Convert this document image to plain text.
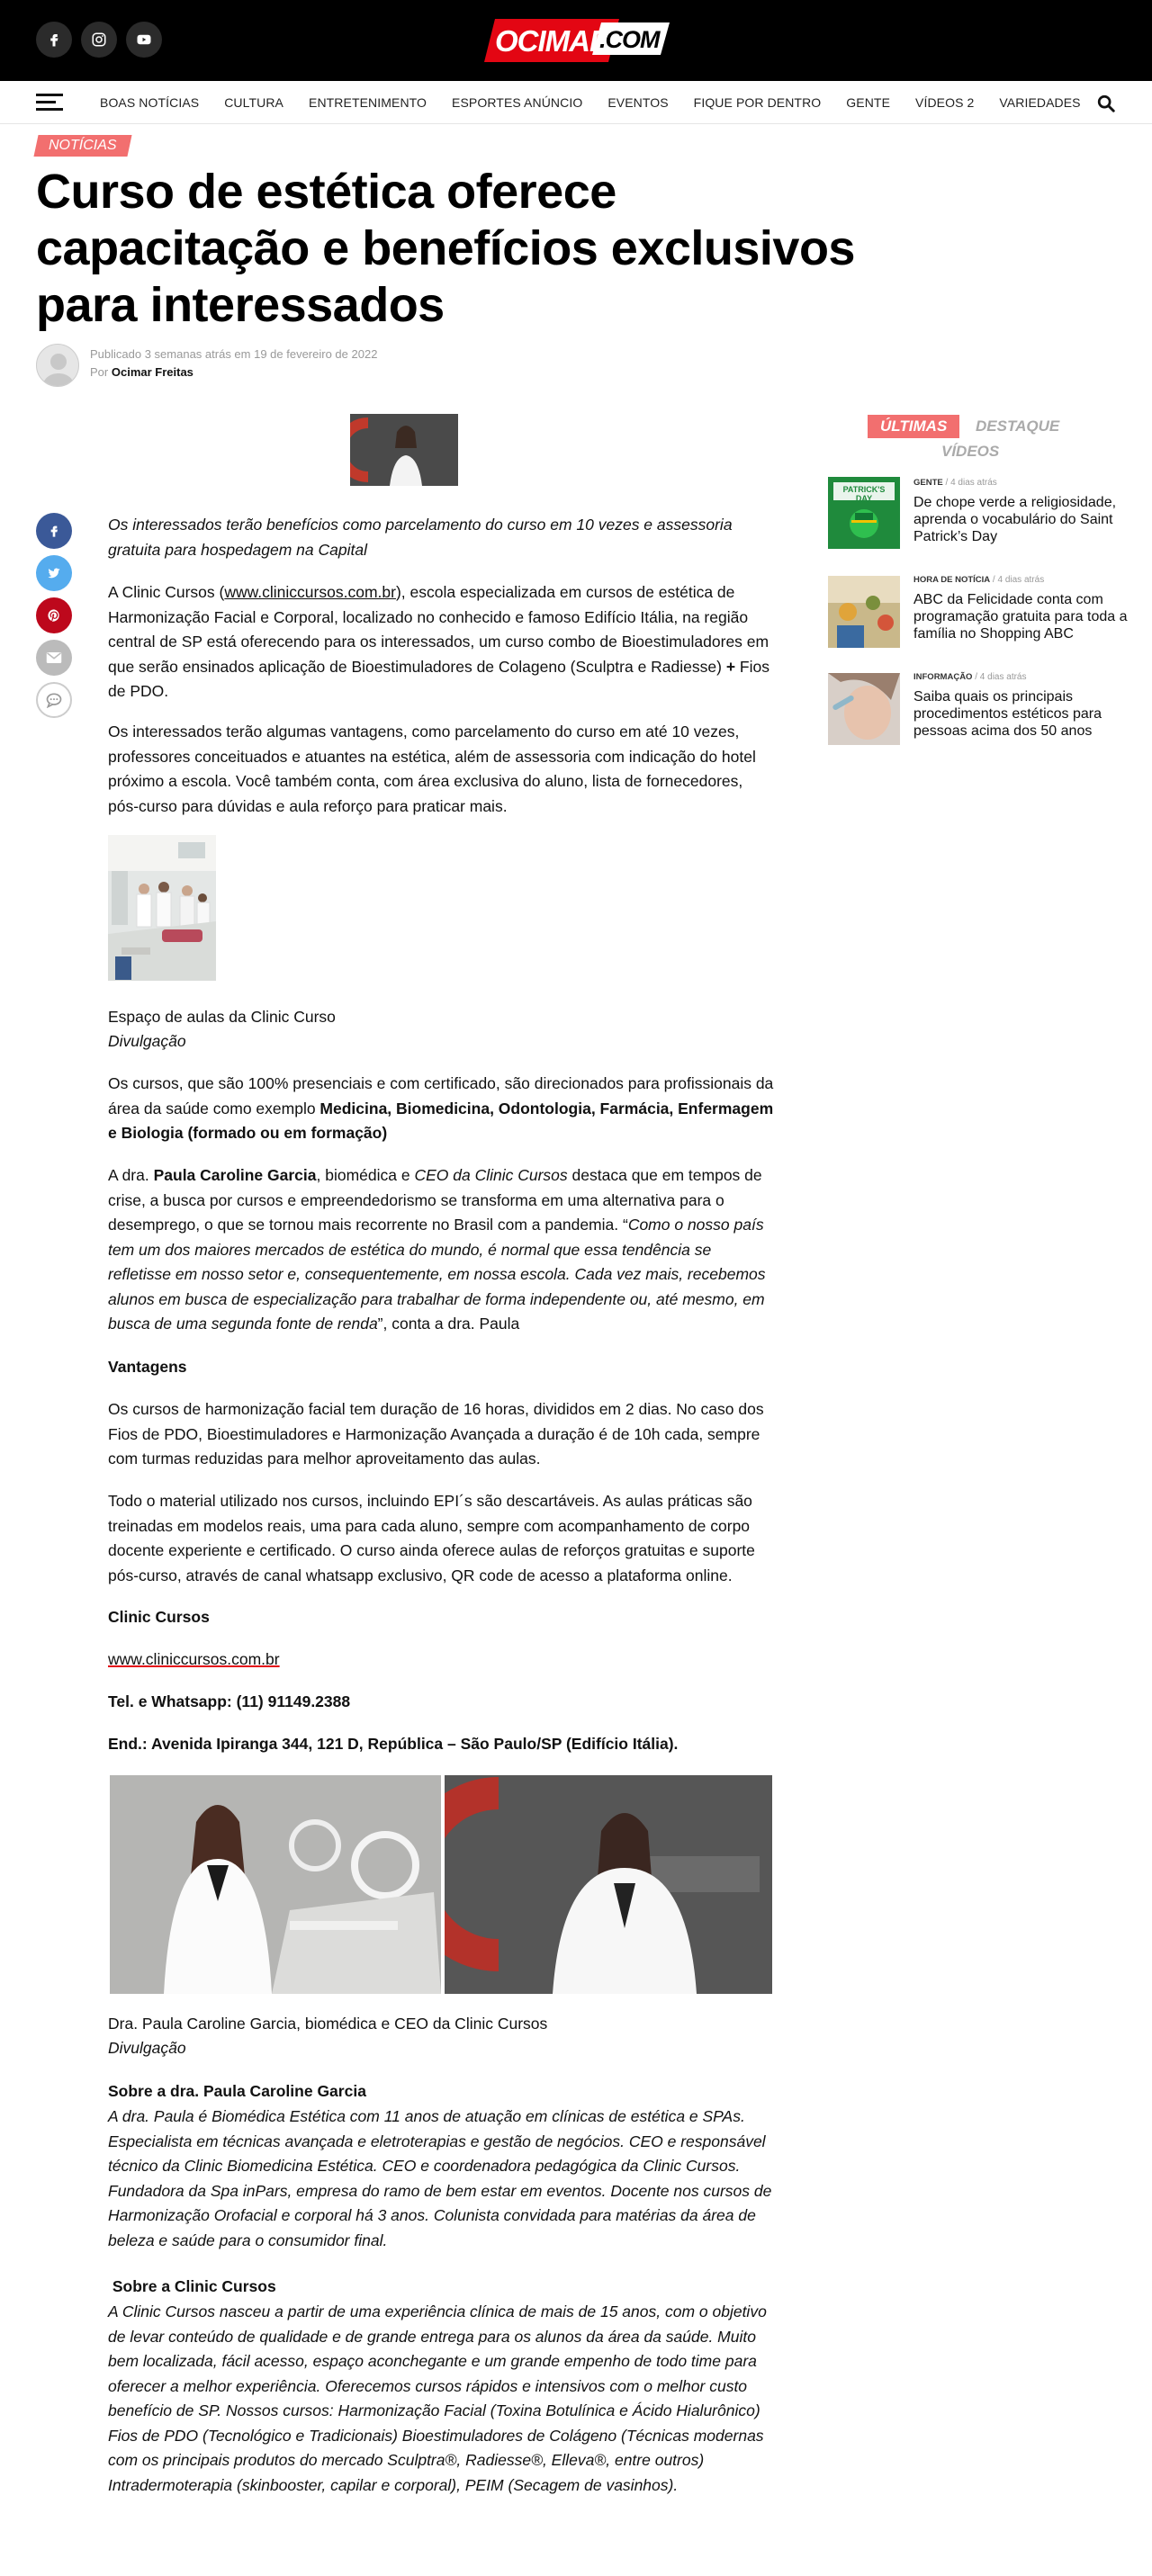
OCIMAR
.COM
BOAS NOTÍCIAS CULTURA ENTRETENIMENTO ESPORTES ANÚNCIO EVENTOS FIQUE POR DENTRO GENTE VÍDEOS 2 VARIEDADES
NOTÍCIAS
Curso de estética oferece capacitação e benefícios exclusivos para interessados
Publicado 3 semanas atrás em 19 de fevereiro de 2022
Por Ocimar Freitas

Os interessados terão benefícios como parcelamento do curso em 10 vezes e assessoria gratuita para hospedagem na Capital

A Clinic Cursos (www.cliniccursos.com.br), escola especializada em cursos de estética de Harmonização Facial e Corporal, localizado no conhecido e famoso Edifício Itália, na região central de SP está oferecendo para os interessados, um curso combo de Bioestimuladores em que serão ensinados aplicação de Bioestimuladores de Colageno (Sculptra e Radiesse) + Fios de PDO.

Os interessados terão algumas vantagens, como parcelamento do curso em até 10 vezes, professores conceituados e atuantes na estética, além de assessoria com indicação do hotel próximo a escola. Você também conta, com área exclusiva do aluno, lista de fornecedores, pós-curso para dúvidas e aula reforço para praticar mais.

Espaço de aulas da Clinic Curso

Divulgação

Os cursos, que são 100% presenciais e com certificado, são direcionados para profissionais da área da saúde como exemplo Medicina, Biomedicina, Odontologia, Farmácia, Enfermagem e Biologia (formado ou em formação)

A dra. Paula Caroline Garcia, biomédica e CEO da Clinic Cursos destaca que em tempos de crise, a busca por cursos e empreendedorismo se transforma em uma alternativa para o desemprego, o que se tornou mais recorrente no Brasil com a pandemia. “Como o nosso país tem um dos maiores mercados de estética do mundo, é normal que essa tendência se refletisse em nosso setor e, consequentemente, em nossa escola. Cada vez mais, recebemos alunos em busca de especialização para trabalhar de forma independente ou, até mesmo, em busca de uma segunda fonte de renda”, conta a dra. Paula

Vantagens

Os cursos de harmonização facial tem duração de 16 horas, divididos em 2 dias. No caso dos Fios de PDO, Bioestimuladores e Harmonização Avançada a duração é de 10h cada, sempre com turmas reduzidas para melhor aproveitamento das aulas.

Todo o material utilizado nos cursos, incluindo EPI´s são descartáveis. As aulas práticas são treinadas em modelos reais, uma para cada aluno, sempre com acompanhamento de corpo docente experiente e certificado. O curso ainda oferece aulas de reforços gratuitas e suporte pós-curso, através de canal whatsapp exclusivo, QR code de acesso a plataforma online.

Clinic Cursos

www.cliniccursos.com.br

Tel. e Whatsapp: (11) 91149.2388

End.: Avenida Ipiranga 344, 121 D, República – São Paulo/SP (Edifício Itália).

Dra. Paula Caroline Garcia, biomédica e CEO da Clinic Cursos

Divulgação

Sobre a dra. Paula Caroline Garcia

A dra. Paula é Biomédica Estética com 11 anos de atuação em clínicas de estética e SPAs. Especialista em técnicas avançada e eletroterapias e gestão de negócios. CEO e responsável técnico da Clinic Biomedicina Estética. CEO e coordenadora pedagógica da Clinic Cursos. Fundadora da Spa inPars, empresa do ramo de bem estar em eventos. Docente nos cursos de Harmonização Orofacial e corporal há 3 anos. Colunista convidada para matérias da área de beleza e saúde para o consumidor final.

Sobre a Clinic Cursos

A Clinic Cursos nasceu a partir de uma experiência clínica de mais de 15 anos, com o objetivo de levar conteúdo de qualidade e de grande entrega para os alunos da área da saúde. Muito bem localizada, fácil acesso, espaço aconchegante e um grande empenho de todo time para oferecer a melhor experiência. Oferecemos cursos rápidos e intensivos com o melhor custo benefício de SP. Nossos cursos: Harmonização Facial (Toxina Botulínica e Ácido Hialurônico) Fios de PDO (Tecnológico e Tradicionais) Bioestimuladores de Colágeno (Técnicas modernas com os principais produtos do mercado Sculptra®, Radiesse®, Elleva®, entre outros) Intradermoterapia (skinbooster, capilar e corporal), PEIM (Secagem de vasinhos).

ÚLTIMAS	DESTAQUE
VÍDEOS
PATRICK'S DAY
GENTE / 4 dias atrás
De chope verde a religiosidade, aprenda o vocabulário do Saint Patrick’s Day
HORA DE NOTÍCIA / 4 dias atrás
ABC da Felicidade conta com programação gratuita para toda a família no Shopping ABC
INFORMAÇÃO / 4 dias atrás
Saiba quais os principais procedimentos estéticos para pessoas acima dos 50 anos
